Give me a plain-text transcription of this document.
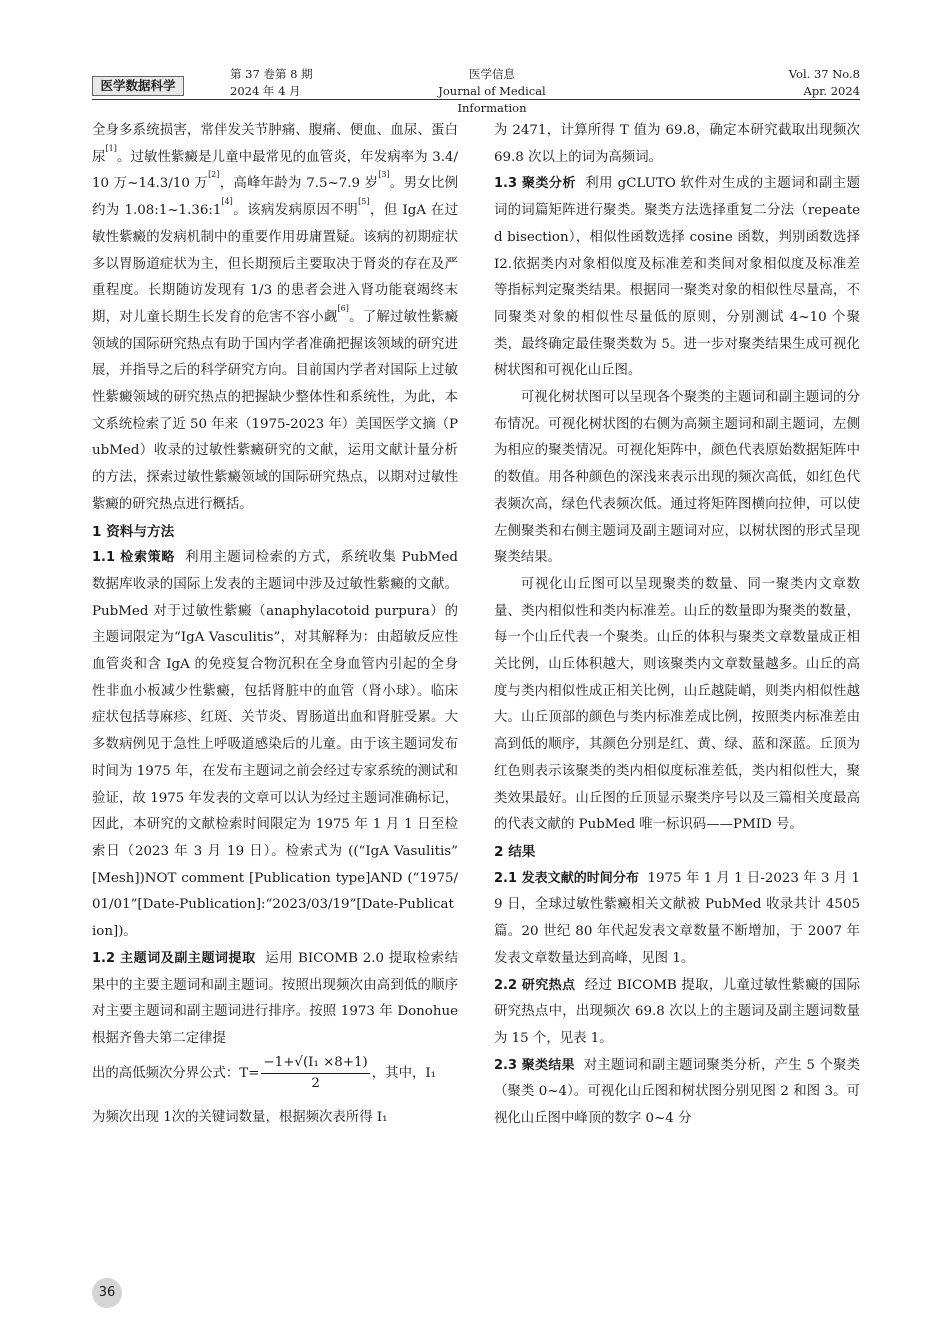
医学数据科学
第 37 卷第 8 期
2024 年 4 月
医学信息
Journal of Medical Information
Vol. 37 No.8
Apr. 2024

全身多系统损害，常伴发关节肿痛、腹痛、便血、血尿、蛋白尿[1]。过敏性紫癜是儿童中最常见的血管炎，年发病率为 3.4/10 万~14.3/10 万[2]，高峰年龄为 7.5~7.9 岁[3]。男女比例约为 1.08:1~1.36:1[4]。该病发病原因不明[5]，但 IgA 在过敏性紫癜的发病机制中的重要作用毋庸置疑。该病的初期症状多以胃肠道症状为主，但长期预后主要取决于肾炎的存在及严重程度。长期随访发现有 1/3 的患者会进入肾功能衰竭终末期，对儿童长期生长发育的危害不容小觑[6]。了解过敏性紫癜领域的国际研究热点有助于国内学者准确把握该领域的研究进展，并指导之后的科学研究方向。目前国内学者对国际上过敏性紫癜领域的研究热点的把握缺少整体性和系统性，为此，本文系统检索了近 50 年来（1975-2023 年）美国医学文摘（PubMed）收录的过敏性紫癜研究的文献，运用文献计量分析的方法，探索过敏性紫癜领域的国际研究热点，以期对过敏性紫癜的研究热点进行概括。

1 资料与方法

1.1 检索策略 利用主题词检索的方式，系统收集 PubMed 数据库收录的国际上发表的主题词中涉及过敏性紫癜的文献。PubMed 对于过敏性紫癜（anaphylacotoid purpura）的主题词限定为“IgA Vasculitis”，对其解释为：由超敏反应性血管炎和含 IgA 的免疫复合物沉积在全身血管内引起的全身性非血小板减少性紫癜，包括肾脏中的血管（肾小球）。临床症状包括荨麻疹、红斑、关节炎、胃肠道出血和肾脏受累。大多数病例见于急性上呼吸道感染后的儿童。由于该主题词发布时间为 1975 年，在发布主题词之前会经过专家系统的测试和验证，故 1975 年发表的文章可以认为经过主题词准确标记，因此，本研究的文献检索时间限定为 1975 年 1 月 1 日至检索日（2023 年 3 月 19 日）。检索式为 ((“IgA Vasulitis” [Mesh])NOT comment [Publication type]AND (“1975/01/01”[Date-Publication]:“2023/03/19”[Date-Publication])。

1.2 主题词及副主题词提取 运用 BICOMB 2.0 提取检索结果中的主要主题词和副主题词。按照出现频次由高到低的顺序对主要主题词和副主题词进行排序。按照 1973 年 Donohue 根据齐鲁夫第二定律提

出的高低频次分界公式：$T= \frac{\text{−1+√(I₁ ×8+1)}}{2}$ ，其中，I₁

为频次出现 1次的关键词数量，根据频次表所得 I₁

为 2471，计算所得 T 值为 69.8，确定本研究截取出现频次 69.8 次以上的词为高频词。

1.3 聚类分析 利用 gCLUTO 软件对生成的主题词和副主题词的词篇矩阵进行聚类。聚类方法选择重复二分法（repeated bisection），相似性函数选择 cosine 函数，判别函数选择 I2.依据类内对象相似度及标准差和类间对象相似度及标准差等指标判定聚类结果。根据同一聚类对象的相似性尽量高，不同聚类对象的相似性尽量低的原则，分别测试 4~10 个聚类，最终确定最佳聚类数为 5。进一步对聚类结果生成可视化树状图和可视化山丘图。

可视化树状图可以呈现各个聚类的主题词和副主题词的分布情况。可视化树状图的右侧为高频主题词和副主题词，左侧为相应的聚类情况。可视化矩阵中，颜色代表原始数据矩阵中的数值。用各种颜色的深浅来表示出现的频次高低，如红色代表频次高，绿色代表频次低。通过将矩阵图横向拉伸，可以使左侧聚类和右侧主题词及副主题词对应，以树状图的形式呈现聚类结果。

可视化山丘图可以呈现聚类的数量、同一聚类内文章数量、类内相似性和类内标准差。山丘的数量即为聚类的数量，每一个山丘代表一个聚类。山丘的体积与聚类文章数量成正相关比例，山丘体积越大，则该聚类内文章数量越多。山丘的高度与类内相似性成正相关比例，山丘越陡峭，则类内相似性越大。山丘顶部的颜色与类内标准差成比例，按照类内标准差由高到低的顺序，其颜色分别是红、黄、绿、蓝和深蓝。丘顶为红色则表示该聚类的类内相似度标准差低，类内相似性大，聚类效果最好。山丘图的丘顶显示聚类序号以及三篇相关度最高的代表文献的 PubMed 唯一标识码——PMID 号。

2 结果

2.1 发表文献的时间分布 1975 年 1 月 1 日-2023 年 3 月 19 日，全球过敏性紫癜相关文献被 PubMed 收录共计 4505 篇。20 世纪 80 年代起发表文章数量不断增加，于 2007 年发表文章数量达到高峰，见图 1。

2.2 研究热点 经过 BICOMB 提取，儿童过敏性紫癜的国际研究热点中，出现频次 69.8 次以上的主题词及副主题词数量为 15 个，见表 1。

2.3 聚类结果 对主题词和副主题词聚类分析，产生 5 个聚类（聚类 0~4）。可视化山丘图和树状图分别见图 2 和图 3。可视化山丘图中峰顶的数字 0~4 分

36
